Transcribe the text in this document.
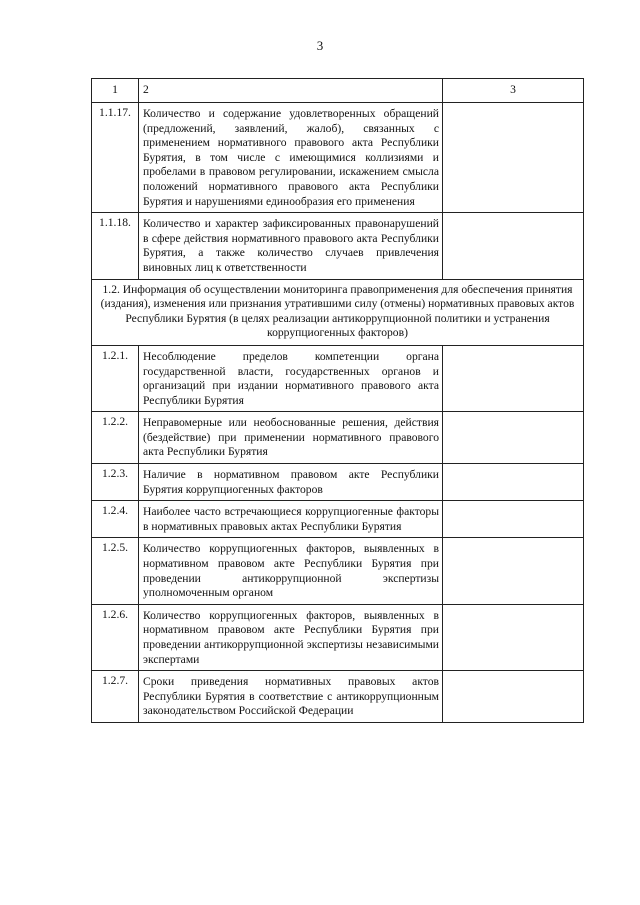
3
1	2	3
1.1.17.	Количество и содержание удовлетворенных обращений (предложений, заявлений, жалоб), связанных с применением нормативного правового акта Республики Бурятия, в том числе с имеющимися коллизиями и пробелами в правовом регулировании, искажением смысла положений нормативного правового акта Республики Бурятия и нарушениями единообразия его применения	
1.1.18.	Количество и характер зафиксированных правонарушений в сфере действия нормативного правового акта Республики Бурятия, а также количество случаев привлечения виновных лиц к ответственности	
1.2. Информация об осуществлении мониторинга правоприменения для обеспечения принятия (издания), изменения или признания утратившими силу (отмены) нормативных правовых актов Республики Бурятия (в целях реализации антикоррупционной политики и устранения коррупциогенных факторов)		
1.2.1.	Несоблюдение пределов компетенции органа государственной власти, государственных органов и организаций при издании нормативного правового акта Республики Бурятия	
1.2.2.	Неправомерные или необоснованные решения, действия (бездействие) при применении нормативного правового акта Республики Бурятия	
1.2.3.	Наличие в нормативном правовом акте Республики Бурятия коррупциогенных факторов	
1.2.4.	Наиболее часто встречающиеся коррупциогенные факторы в нормативных правовых актах Республики Бурятия	
1.2.5.	Количество коррупциогенных факторов, выявленных в нормативном правовом акте Республики Бурятия при проведении антикоррупционной экспертизы уполномоченным органом	
1.2.6.	Количество коррупциогенных факторов, выявленных в нормативном правовом акте Республики Бурятия при проведении антикоррупционной экспертизы независимыми экспертами	
1.2.7.	Сроки приведения нормативных правовых актов Республики Бурятия в соответствие с антикоррупционным законодательством Российской Федерации	
